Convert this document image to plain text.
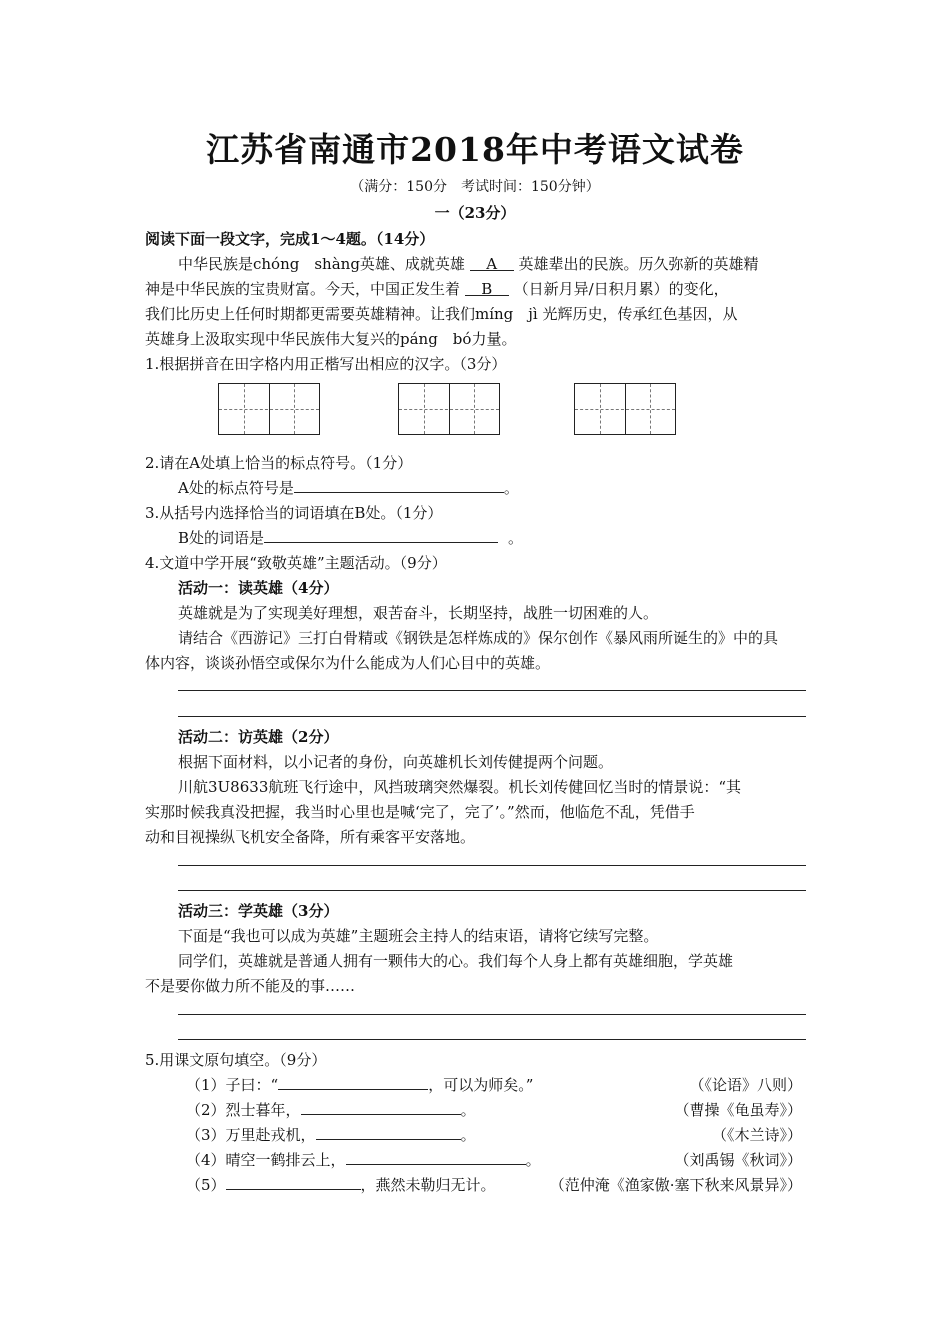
江苏省南通市2018年中考语文试卷
（满分：150分　考试时间：150分钟）
一（23分）
阅读下面一段文字，完成1～4题。（14分）
中华民族是chóng　shàng英雄、成就英雄 A 英雄辈出的民族。历久弥新的英雄精
神是中华民族的宝贵财富。今天，中国正发生着 B （日新月异/日积月累）的变化，
我们比历史上任何时期都更需要英雄精神。让我们míng　jì 光辉历史，传承红色基因，从
英雄身上汲取实现中华民族伟大复兴的páng　bó力量。
1.根据拼音在田字格内用正楷写出相应的汉字。（3分）
2.请在A处填上恰当的标点符号。（1分）
A处的标点符号是	。
3.从括号内选择恰当的词语填在B处。（1分）
B处的词语是	。
4.文道中学开展“致敬英雄”主题活动。（9分）
活动一：读英雄（4分）
英雄就是为了实现美好理想，艰苦奋斗，长期坚持，战胜一切困难的人。
请结合《西游记》三打白骨精或《钢铁是怎样炼成的》保尔创作《暴风雨所诞生的》中的具
体内容，谈谈孙悟空或保尔为什么能成为人们心目中的英雄。
活动二：访英雄（2分）
根据下面材料，以小记者的身份，向英雄机长刘传健提两个问题。
川航3U8633航班飞行途中，风挡玻璃突然爆裂。机长刘传健回忆当时的情景说：“其
实那时候我真没把握，我当时心里也是喊‘完了，完了’。”然而，他临危不乱，凭借手
动和目视操纵飞机安全备降，所有乘客平安落地。
活动三：学英雄（3分）
下面是“我也可以成为英雄”主题班会主持人的结束语，请将它续写完整。
同学们，英雄就是普通人拥有一颗伟大的心。我们每个人身上都有英雄细胞，学英雄
不是要你做力所不能及的事……
5.用课文原句填空。（9分）
（1）子曰：“	，可以为师矣。”	（《论语》八则）
（2）烈士暮年，	。	（曹操《龟虽寿》）
（3）万里赴戎机，	。	（《木兰诗》）
（4）晴空一鹤排云上，	。	（刘禹锡《秋词》）
（5）	，燕然未勒归无计。	（范仲淹《渔家傲·塞下秋来风景异》）
